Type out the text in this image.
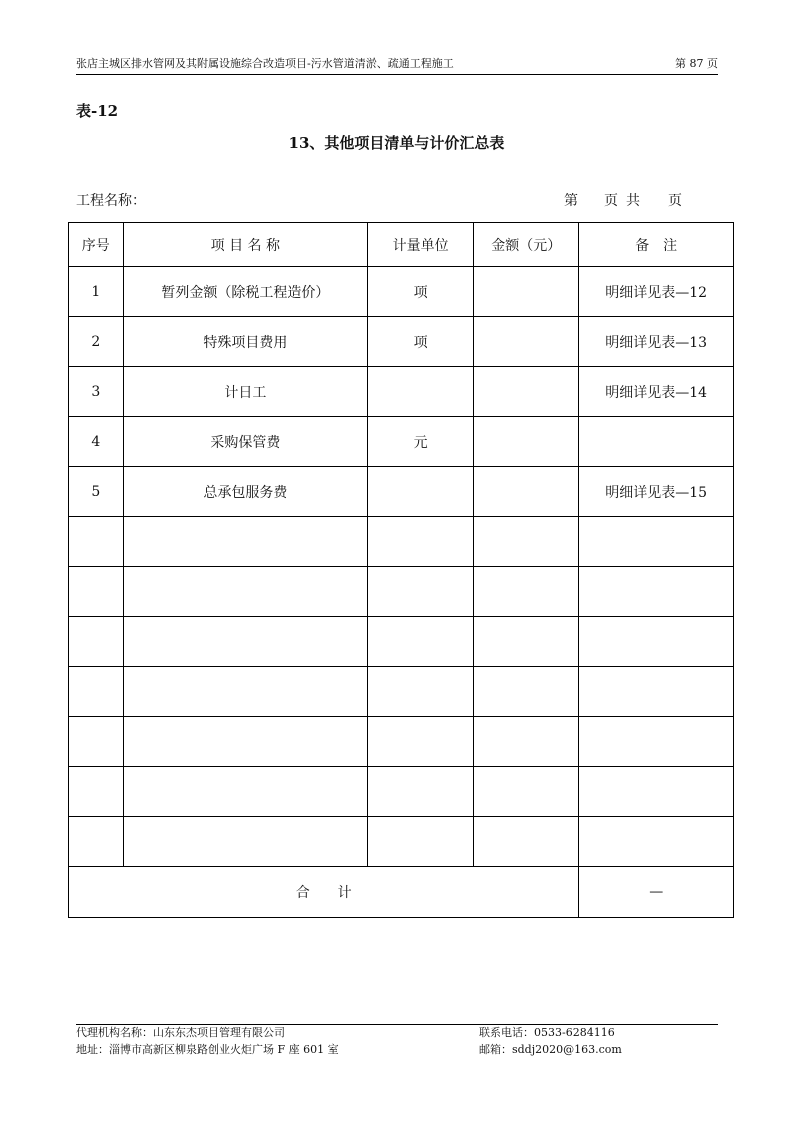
张店主城区排水管网及其附属设施综合改造项目-污水管道清淤、疏通工程施工	第 87 页
表-12
13、其他项目清单与计价汇总表
工程名称：	第 页 共 页
序号	项 目 名 称	计量单位	金额（元）	备　注
1	暂列金额（除税工程造价）	项		明细详见表—12
2	特殊项目费用	项		明细详见表—13
3	计日工			明细详见表—14
4	采购保管费	元		
5	总承包服务费			明细详见表—15

合　　计				—
代理机构名称：山东东杰项目管理有限公司	联系电话：0533-6284116
地址：淄博市高新区柳泉路创业火炬广场 F 座 601 室	邮箱：sddj2020@163.com
